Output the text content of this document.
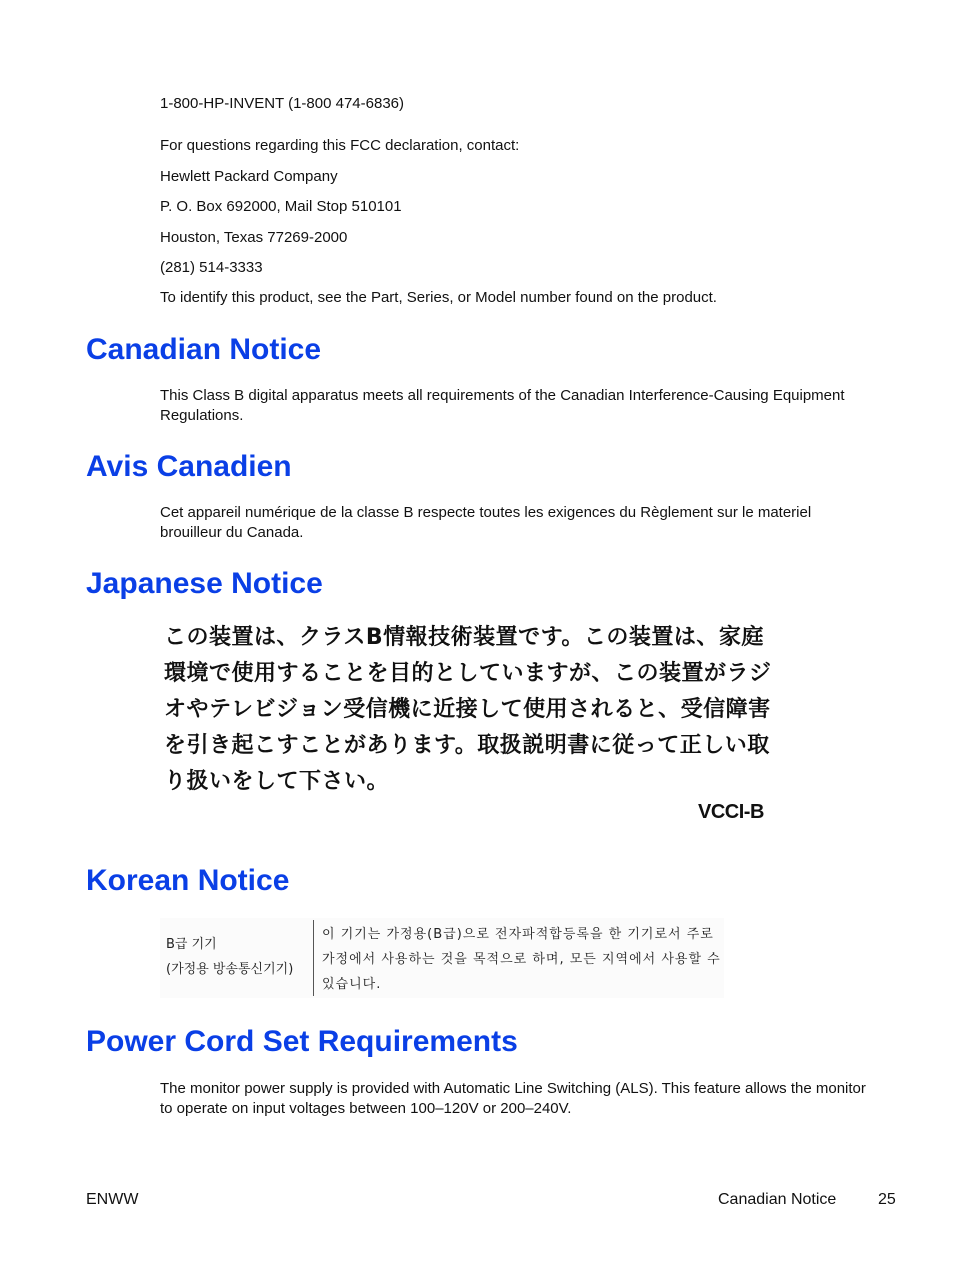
1-800-HP-INVENT (1-800 474-6836)

For questions regarding this FCC declaration, contact:

Hewlett Packard Company

P. O. Box 692000, Mail Stop 510101

Houston, Texas 77269-2000

(281) 514-3333

To identify this product, see the Part, Series, or Model number found on the product.

Canadian Notice

This Class B digital apparatus meets all requirements of the Canadian Interference-Causing Equipment Regulations.

Avis Canadien

Cet appareil numérique de la classe B respecte toutes les exigences du Règlement sur le materiel brouilleur du Canada.

Japanese Notice
この装置は、クラスB情報技術装置です。この装置は、家庭環境で使用することを目的としていますが、この装置がラジオやテレビジョン受信機に近接して使用されると、受信障害を引き起こすことがあります。取扱説明書に従って正しい取り扱いをして下さい。
VCCI-B
Korean Notice
B급 기기
(가정용 방송통신기기)
이 기기는 가정용(B급)으로 전자파적합등록을 한 기기로서 주로 가정에서 사용하는 것을 목적으로 하며, 모든 지역에서 사용할 수 있습니다.
Power Cord Set Requirements

The monitor power supply is provided with Automatic Line Switching (ALS). This feature allows the monitor to operate on input voltages between 100–120V or 200–240V.

ENWW	Canadian Notice	25
